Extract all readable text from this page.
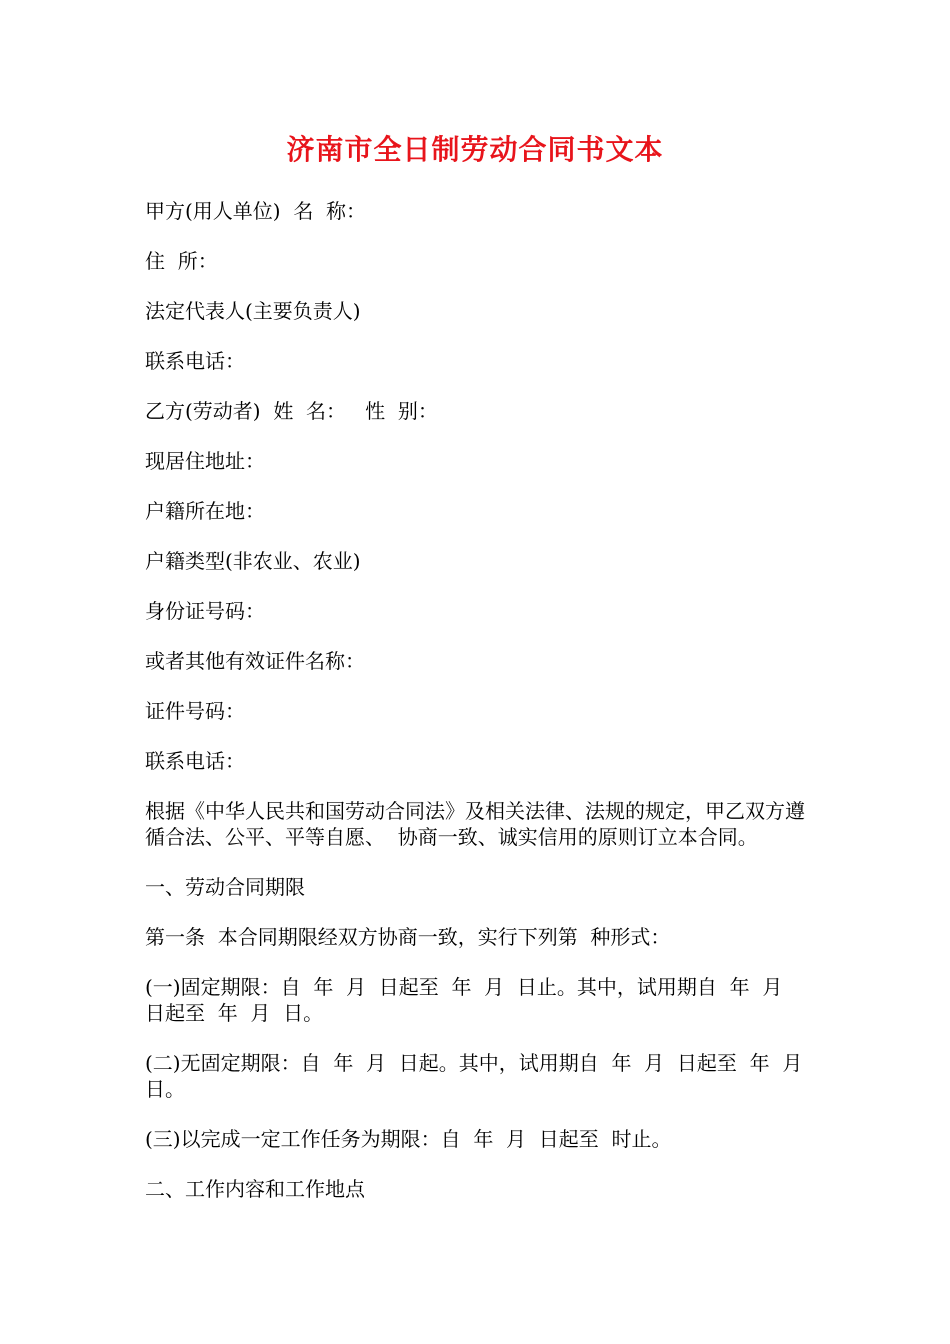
济南市全日制劳动合同书文本

甲方(用人单位)  名  称：

住  所：

法定代表人(主要负责人)

联系电话：

乙方(劳动者)  姓  名：   性  别：

现居住地址：

户籍所在地：

户籍类型(非农业、农业)

身份证号码：

或者其他有效证件名称：

证件号码：

联系电话：

根据《中华人民共和国劳动合同法》及相关法律、法规的规定，甲乙双方遵循合法、公平、平等自愿、  协商一致、诚实信用的原则订立本合同。

一、劳动合同期限

第一条  本合同期限经双方协商一致，实行下列第  种形式：

(一)固定期限：自  年  月  日起至  年  月  日止。其中，试用期自  年  月  日起至  年  月  日。

(二)无固定期限：自  年  月  日起。其中，试用期自  年  月  日起至  年  月  日。

(三)以完成一定工作任务为期限：自  年  月  日起至  时止。

二、工作内容和工作地点
